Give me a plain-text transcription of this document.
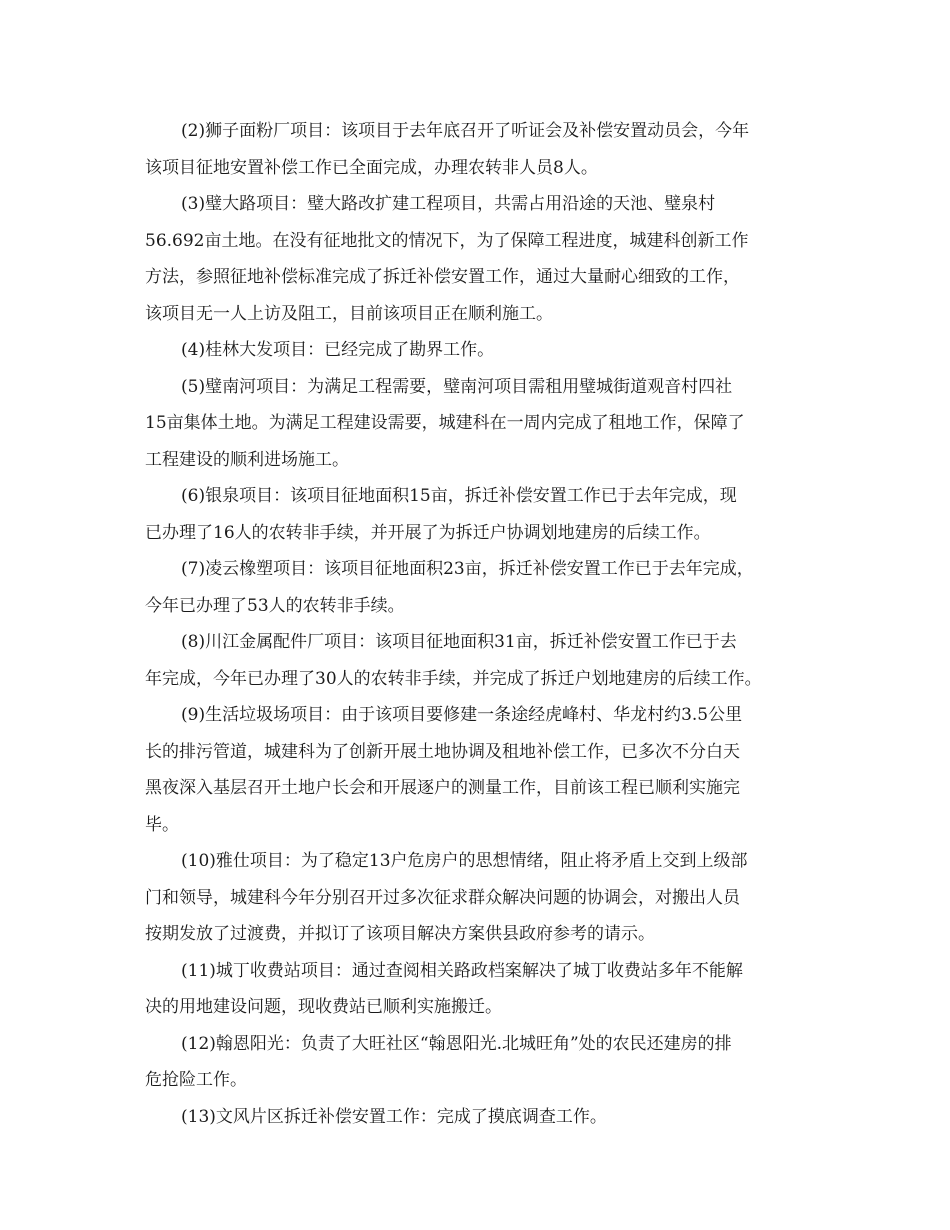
(2)狮子面粉厂项目：该项目于去年底召开了听证会及补偿安置动员会，今年
该项目征地安置补偿工作已全面完成，办理农转非人员8人。
(3)璧大路项目：璧大路改扩建工程项目，共需占用沿途的天池、璧泉村
56.692亩土地。在没有征地批文的情况下，为了保障工程进度，城建科创新工作
方法，参照征地补偿标准完成了拆迁补偿安置工作，通过大量耐心细致的工作，
该项目无一人上访及阻工，目前该项目正在顺利施工。
(4)桂林大发项目：已经完成了勘界工作。
(5)璧南河项目：为满足工程需要，璧南河项目需租用璧城街道观音村四社
15亩集体土地。为满足工程建设需要，城建科在一周内完成了租地工作，保障了
工程建设的顺利进场施工。
(6)银泉项目：该项目征地面积15亩，拆迁补偿安置工作已于去年完成，现
已办理了16人的农转非手续，并开展了为拆迁户协调划地建房的后续工作。
(7)凌云橡塑项目：该项目征地面积23亩，拆迁补偿安置工作已于去年完成，
今年已办理了53人的农转非手续。
(8)川江金属配件厂项目：该项目征地面积31亩，拆迁补偿安置工作已于去
年完成，今年已办理了30人的农转非手续，并完成了拆迁户划地建房的后续工作。
(9)生活垃圾场项目：由于该项目要修建一条途经虎峰村、华龙村约3.5公里
长的排污管道，城建科为了创新开展土地协调及租地补偿工作，已多次不分白天
黑夜深入基层召开土地户长会和开展逐户的测量工作，目前该工程已顺利实施完
毕。
(10)雅仕项目：为了稳定13户危房户的思想情绪，阻止将矛盾上交到上级部
门和领导，城建科今年分别召开过多次征求群众解决问题的协调会，对搬出人员
按期发放了过渡费，并拟订了该项目解决方案供县政府参考的请示。
(11)城丁收费站项目：通过查阅相关路政档案解决了城丁收费站多年不能解
决的用地建设问题，现收费站已顺利实施搬迁。
(12)翰恩阳光：负责了大旺社区“翰恩阳光.北城旺角”处的农民还建房的排
危抢险工作。
(13)文风片区拆迁补偿安置工作：完成了摸底调查工作。
